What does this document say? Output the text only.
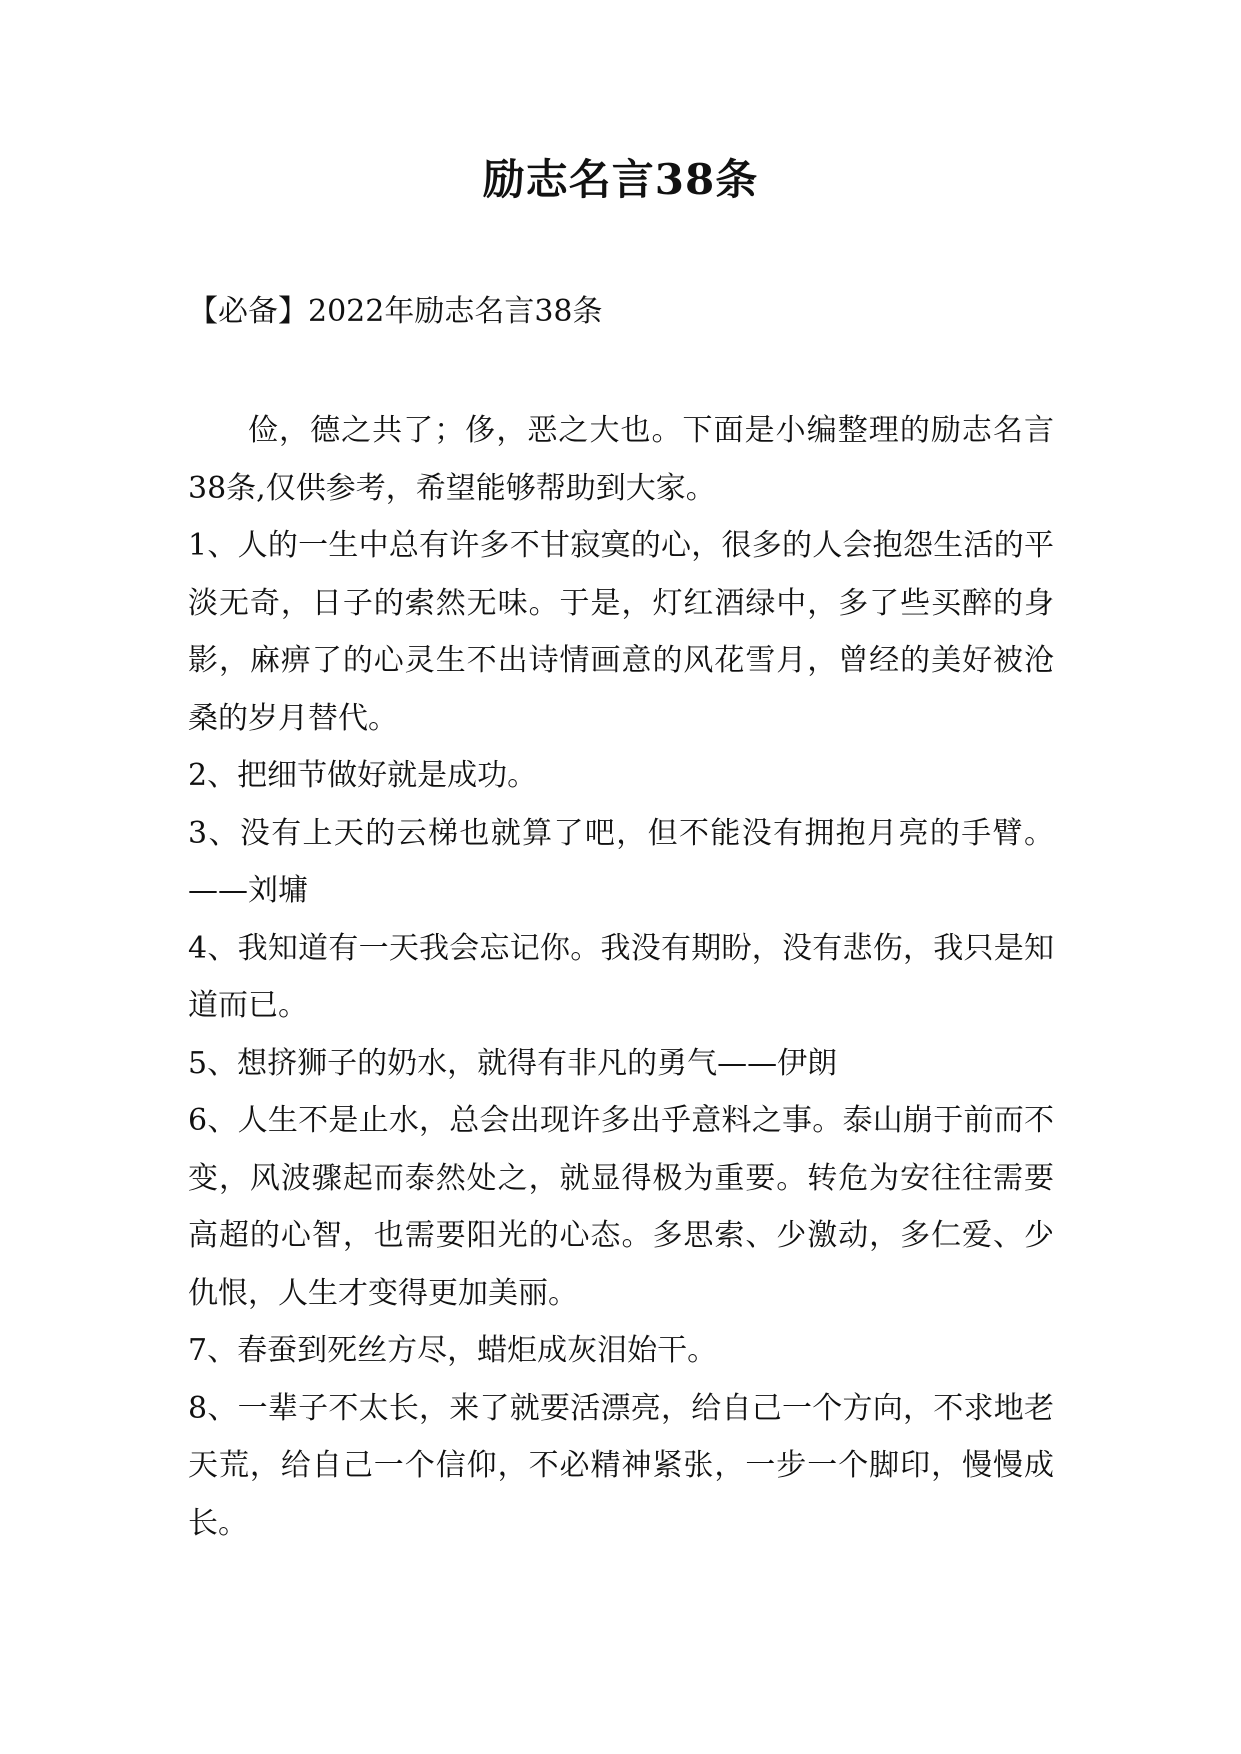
励志名言38条

【必备】2022年励志名言38条

俭，德之共了；侈，恶之大也。下面是小编整理的励志名言38条,仅供参考，希望能够帮助到大家。

1、人的一生中总有许多不甘寂寞的心，很多的人会抱怨生活的平淡无奇，日子的索然无味。于是，灯红酒绿中，多了些买醉的身影，麻痹了的心灵生不出诗情画意的风花雪月，曾经的美好被沧桑的岁月替代。

2、把细节做好就是成功。

3、没有上天的云梯也就算了吧，但不能没有拥抱月亮的手臂。——刘墉

4、我知道有一天我会忘记你。我没有期盼，没有悲伤，我只是知道而已。

5、想挤狮子的奶水，就得有非凡的勇气——伊朗

6、人生不是止水，总会出现许多出乎意料之事。泰山崩于前而不变，风波骤起而泰然处之，就显得极为重要。转危为安往往需要高超的心智，也需要阳光的心态。多思索、少激动，多仁爱、少仇恨，人生才变得更加美丽。

7、春蚕到死丝方尽，蜡炬成灰泪始干。

8、一辈子不太长，来了就要活漂亮，给自己一个方向，不求地老天荒，给自己一个信仰，不必精神紧张，一步一个脚印，慢慢成长。
